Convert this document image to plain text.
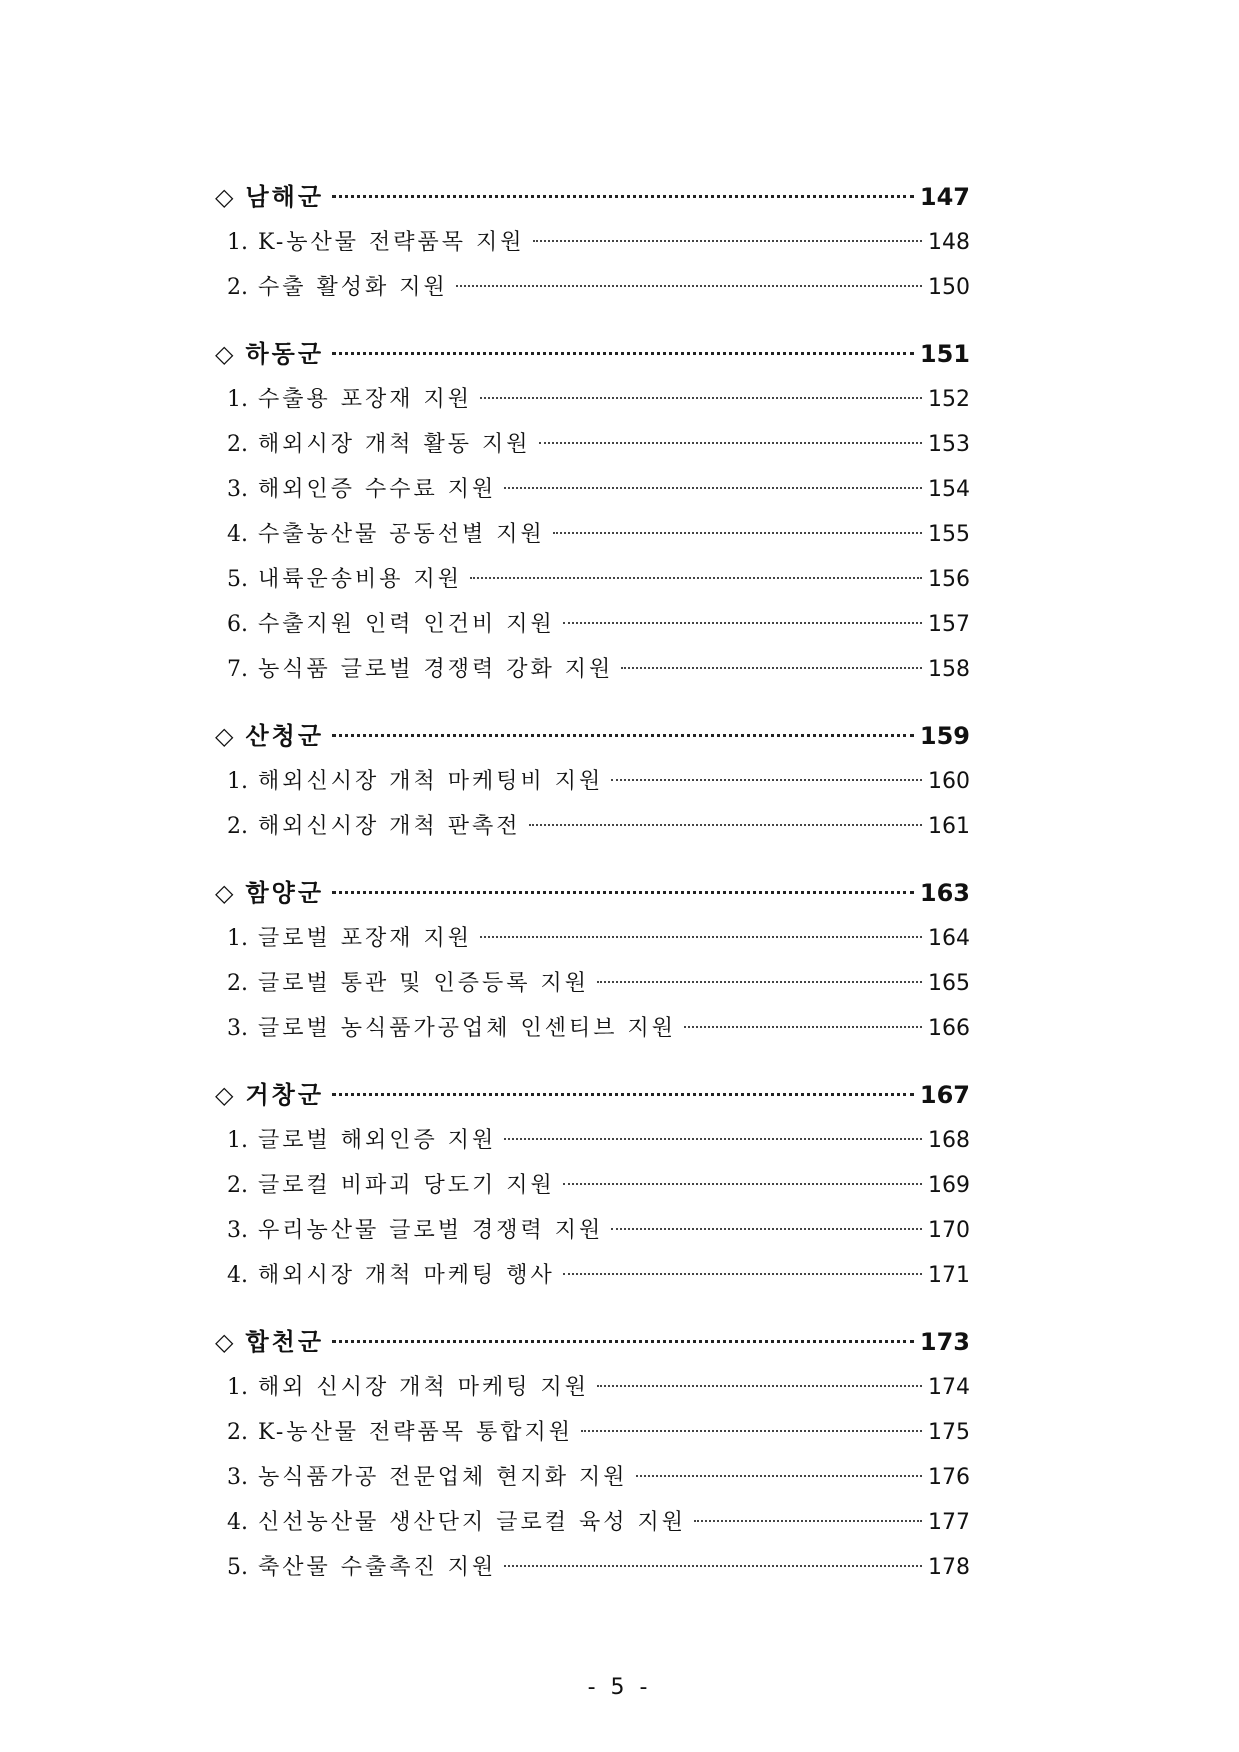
◇ 남해군	147
1. K-농산물 전략품목 지원	148
2. 수출 활성화 지원	150
◇ 하동군	151
1. 수출용 포장재 지원	152
2. 해외시장 개척 활동 지원	153
3. 해외인증 수수료 지원	154
4. 수출농산물 공동선별 지원	155
5. 내륙운송비용 지원	156
6. 수출지원 인력 인건비 지원	157
7. 농식품 글로벌 경쟁력 강화 지원	158
◇ 산청군	159
1. 해외신시장 개척 마케팅비 지원	160
2. 해외신시장 개척 판촉전	161
◇ 함양군	163
1. 글로벌 포장재 지원	164
2. 글로벌 통관 및 인증등록 지원	165
3. 글로벌 농식품가공업체 인센티브 지원	166
◇ 거창군	167
1. 글로벌 해외인증 지원	168
2. 글로컬 비파괴 당도기 지원	169
3. 우리농산물 글로벌 경쟁력 지원	170
4. 해외시장 개척 마케팅 행사	171
◇ 합천군	173
1. 해외 신시장 개척 마케팅 지원	174
2. K-농산물 전략품목 통합지원	175
3. 농식품가공 전문업체 현지화 지원	176
4. 신선농산물 생산단지 글로컬 육성 지원	177
5. 축산물 수출촉진 지원	178
- 5 -
